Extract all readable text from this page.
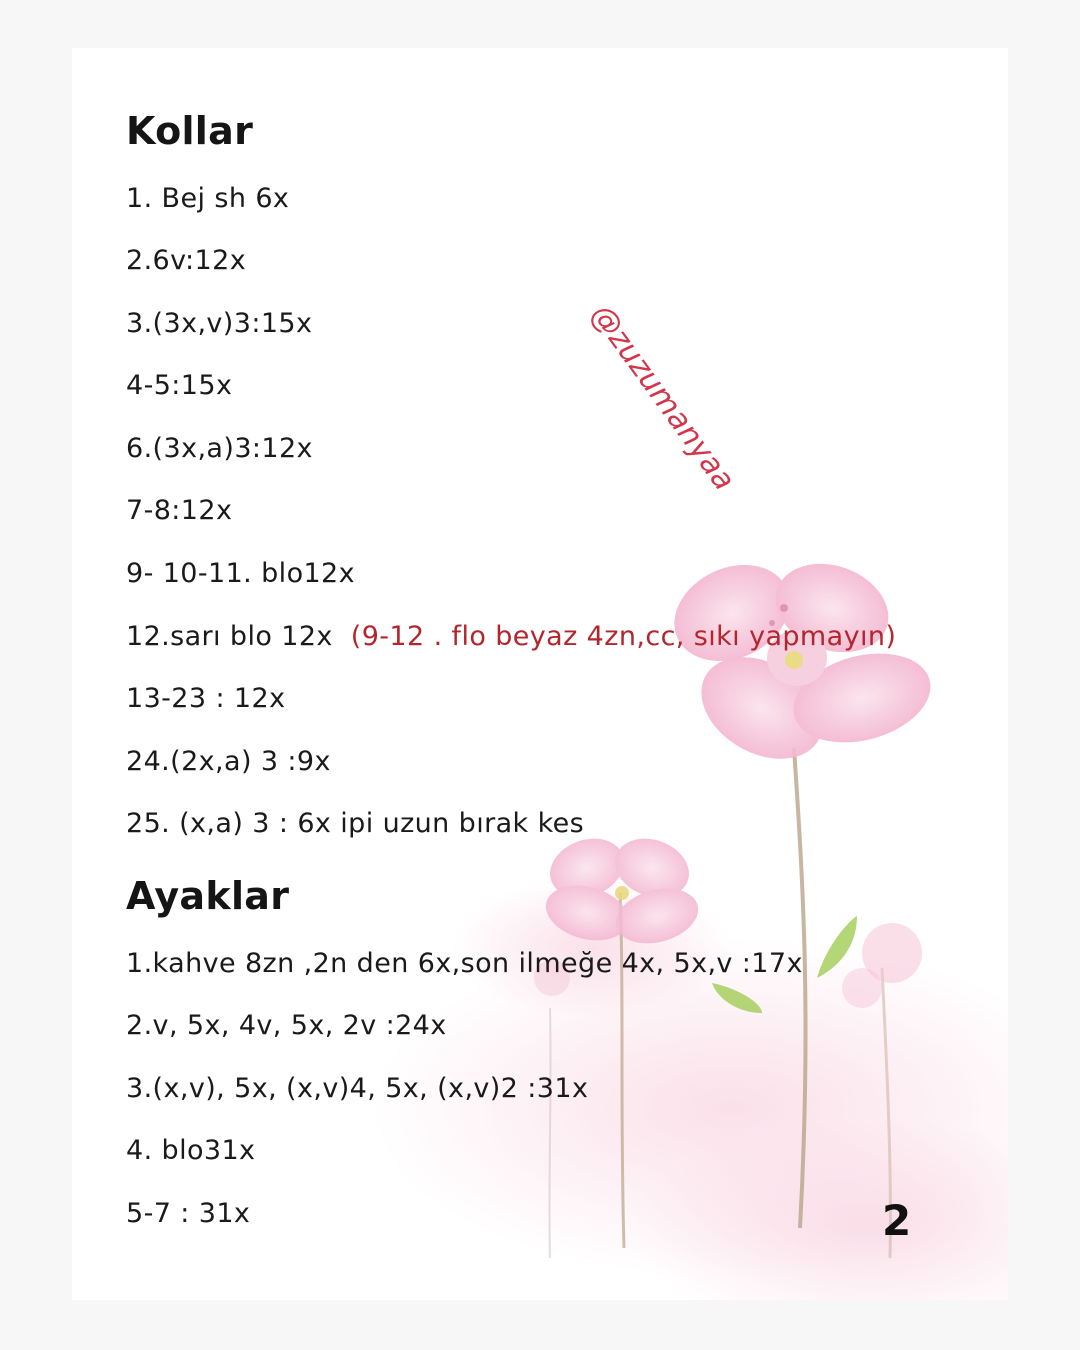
Kollar
1. Bej sh 6x
2.6v:12x
3.(3x,v)3:15x
4-5:15x
6.(3x,a)3:12x
7-8:12x
9- 10-11. blo12x
12.sarı blo 12x (9-12 . flo beyaz 4zn,cc, sıkı yapmayın)
13-23 : 12x
24.(2x,a) 3 :9x
25. (x,a) 3 : 6x ipi uzun bırak kes
Ayaklar
1.kahve 8zn ,2n den 6x,son ilmeğe 4x, 5x,v :17x
2.v, 5x, 4v, 5x, 2v :24x
3.(x,v), 5x, (x,v)4, 5x, (x,v)2 :31x
4. blo31x
5-7 : 31x
@zuzumanyaa
2
